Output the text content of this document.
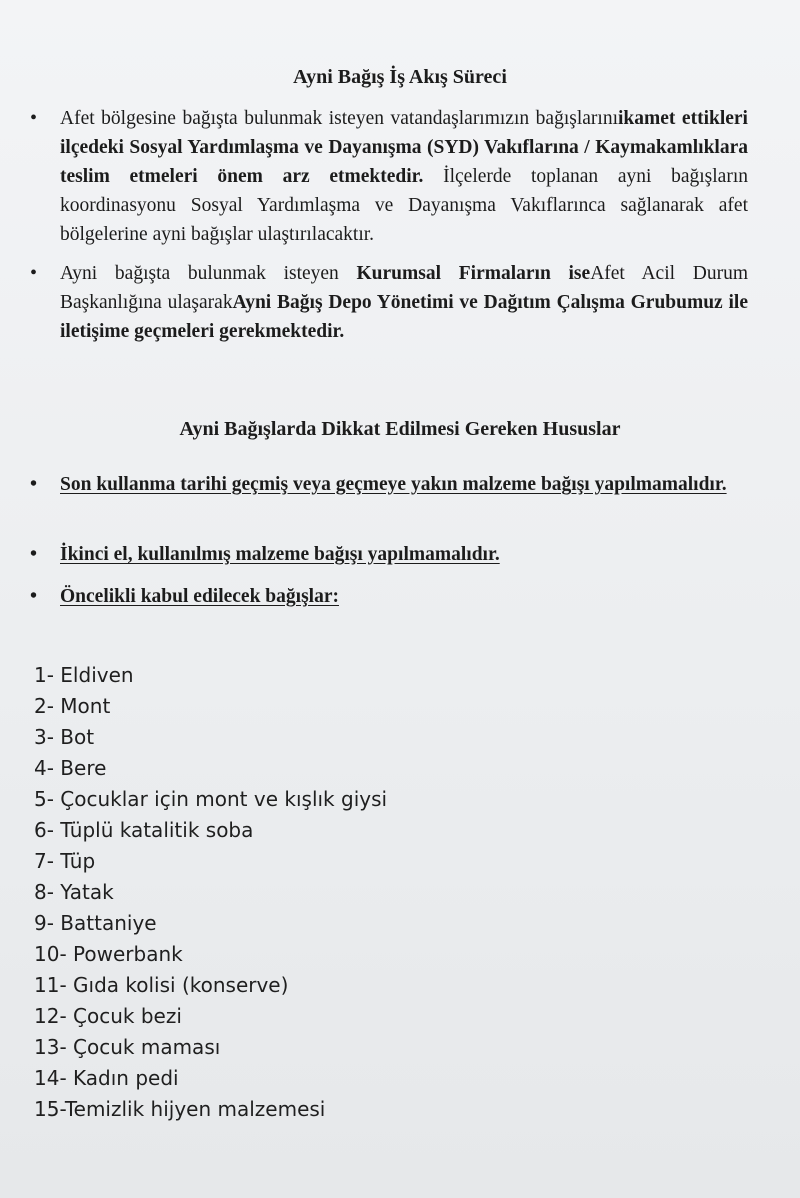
Ayni Bağış İş Akış Süreci

• Afet bölgesine bağışta bulunmak isteyen vatandaşlarımızın bağışlarınıikamet ettikleri ilçedeki Sosyal Yardımlaşma ve Dayanışma (SYD) Vakıflarına / Kaymakamlıklara teslim etmeleri önem arz etmektedir. İlçelerde toplanan ayni bağışların koordinasyonu Sosyal Yardımlaşma ve Dayanışma Vakıflarınca sağlanarak afet bölgelerine ayni bağışlar ulaştırılacaktır.

• Ayni bağışta bulunmak isteyen Kurumsal Firmaların iseAfet Acil Durum Başkanlığına ulaşarakAyni Bağış Depo Yönetimi ve Dağıtım Çalışma Grubumuz ile iletişime geçmeleri gerekmektedir.

Ayni Bağışlarda Dikkat Edilmesi Gereken Hususlar

• Son kullanma tarihi geçmiş veya geçmeye yakın malzeme bağışı yapılmamalıdır.

• İkinci el, kullanılmış malzeme bağışı yapılmamalıdır.

• Öncelikli kabul edilecek bağışlar:

1- Eldiven
2- Mont
3- Bot
4- Bere
5- Çocuklar için mont ve kışlık giysi
6- Tüplü katalitik soba
7- Tüp
8- Yatak
9- Battaniye
10- Powerbank
11- Gıda kolisi (konserve)
12- Çocuk bezi
13- Çocuk maması
14- Kadın pedi
15-Temizlik hijyen malzemesi
